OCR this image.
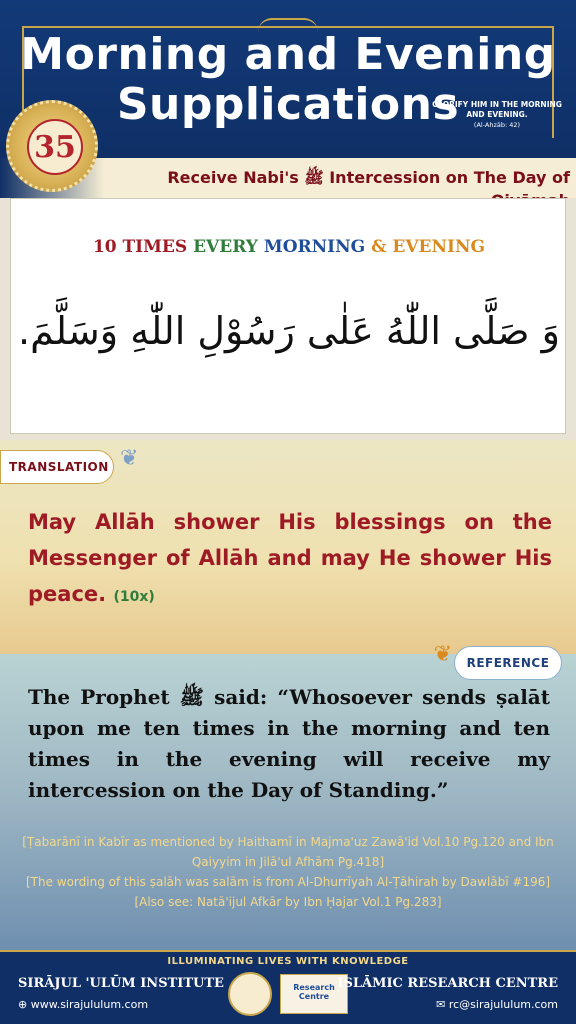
Morning and Evening
Supplications
GLORIFY HIM IN THE MORNING AND EVENING.
(Al-Ahzāb: 42)
Receive Nabi's ﷺ Intercession on The Day of
35
10 TIMES EVERY MORNING & EVENING
وَ صَلَّى اللّٰهُ عَلٰى رَسُوْلِ اللّٰهِ وَسَلَّمَ.
TRANSLATION ❦
May Allāh shower His blessings on the Messenger of Allāh and may He shower His peace. (10x)
❦	REFERENCE
The Prophet ﷺ said: “Whosoever sends ṣalāt upon me ten times in the morning and ten times in the evening will receive my intercession on the Day of Standing.”
[Ṭabarānī in Kabīr as mentioned by Haithamī in Majma'uz Zawā'id Vol.10 Pg.120 and Ibn Qaiyyim in Jilā'ul Afhām Pg.418]
[The wording of this ṣalāh was salām is from Al-Dhurrīyah Al-Ṭāhirah by Dawlābī #196]
[Also see: Natā'ijul Afkār by Ibn Ḥajar Vol.1 Pg.283]
ILLUMINATING LIVES WITH KNOWLEDGE
SIRĀJUL 'ULŪM INSTITUTE
⊕ www.sirajululum.com
Research Centre
ISLĀMIC RESEARCH CENTRE
✉ rc@sirajululum.com
